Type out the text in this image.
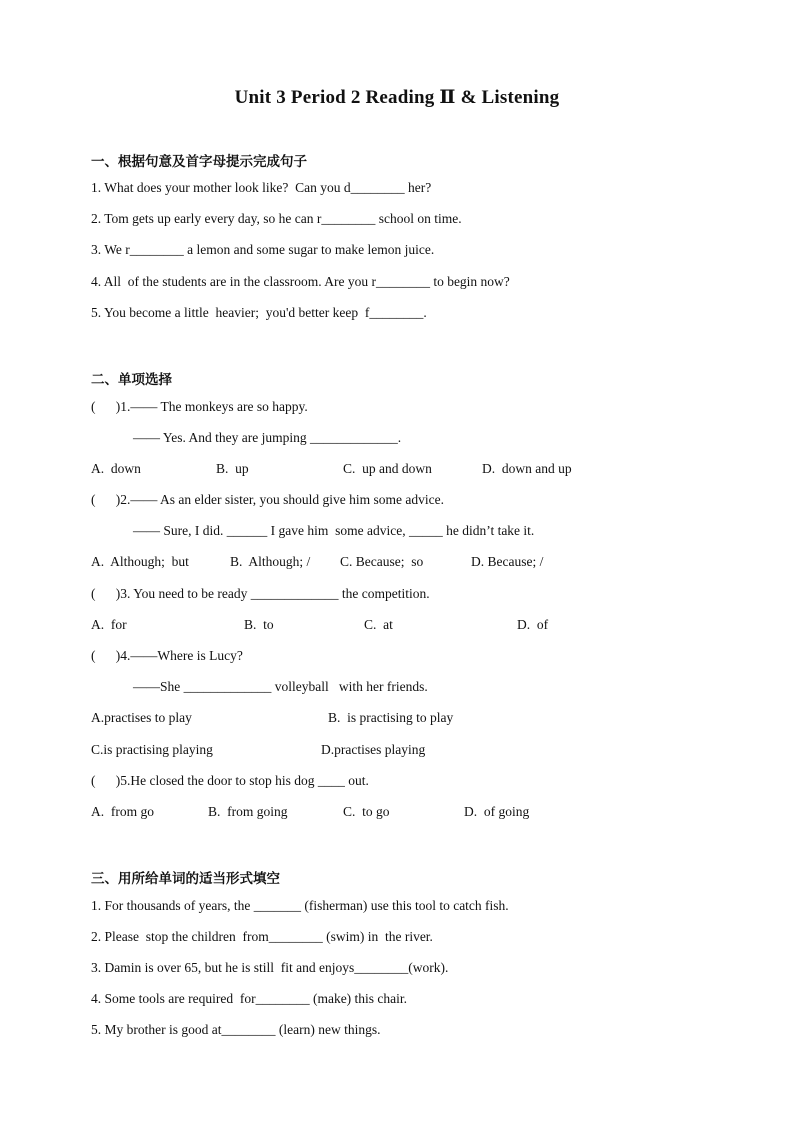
Unit 3 Period 2 Reading Ⅱ & Listening
一、根据句意及首字母提示完成句子
1. What does your mother look like?  Can you d________ her?
2. Tom gets up early every day, so he can r________ school on time.
3. We r________ a lemon and some sugar to make lemon juice.
4. All  of the students are in the classroom. Are you r________ to begin now?
5. You become a little  heavier;  you'd better keep  f________.
二、单项选择
(      )1.—— The monkeys are so happy.
—— Yes. And they are jumping _____________.
A.  down	B.  up	C.  up and down	D.  down and up
(      )2.—— As an elder sister, you should give him some advice.
—— Sure, I did. ______ I gave him  some advice, _____ he didn’t take it.
A.  Although;  but	B.  Although; / C. Because;  so	D. Because; /
(      )3. You need to be ready _____________ the competition.
A.  for	B.  to	C.  at	D.  of
(      )4.——Where is Lucy?
——She _____________ volleyball   with her friends.
A.practises to play	B.  is practising to play
C.is practising playing	D.practises playing
(      )5.He closed the door to stop his dog ____ out.
A.  from go	B.  from going	C.  to go	D.  of going
三、用所给单词的适当形式填空
1. For thousands of years, the _______ (fisherman) use this tool to catch fish.
2. Please  stop the children  from________ (swim) in  the river.
3. Damin is over 65, but he is still  fit and enjoys________(work).
4. Some tools are required  for________ (make) this chair.
5. My brother is good at________ (learn) new things.
